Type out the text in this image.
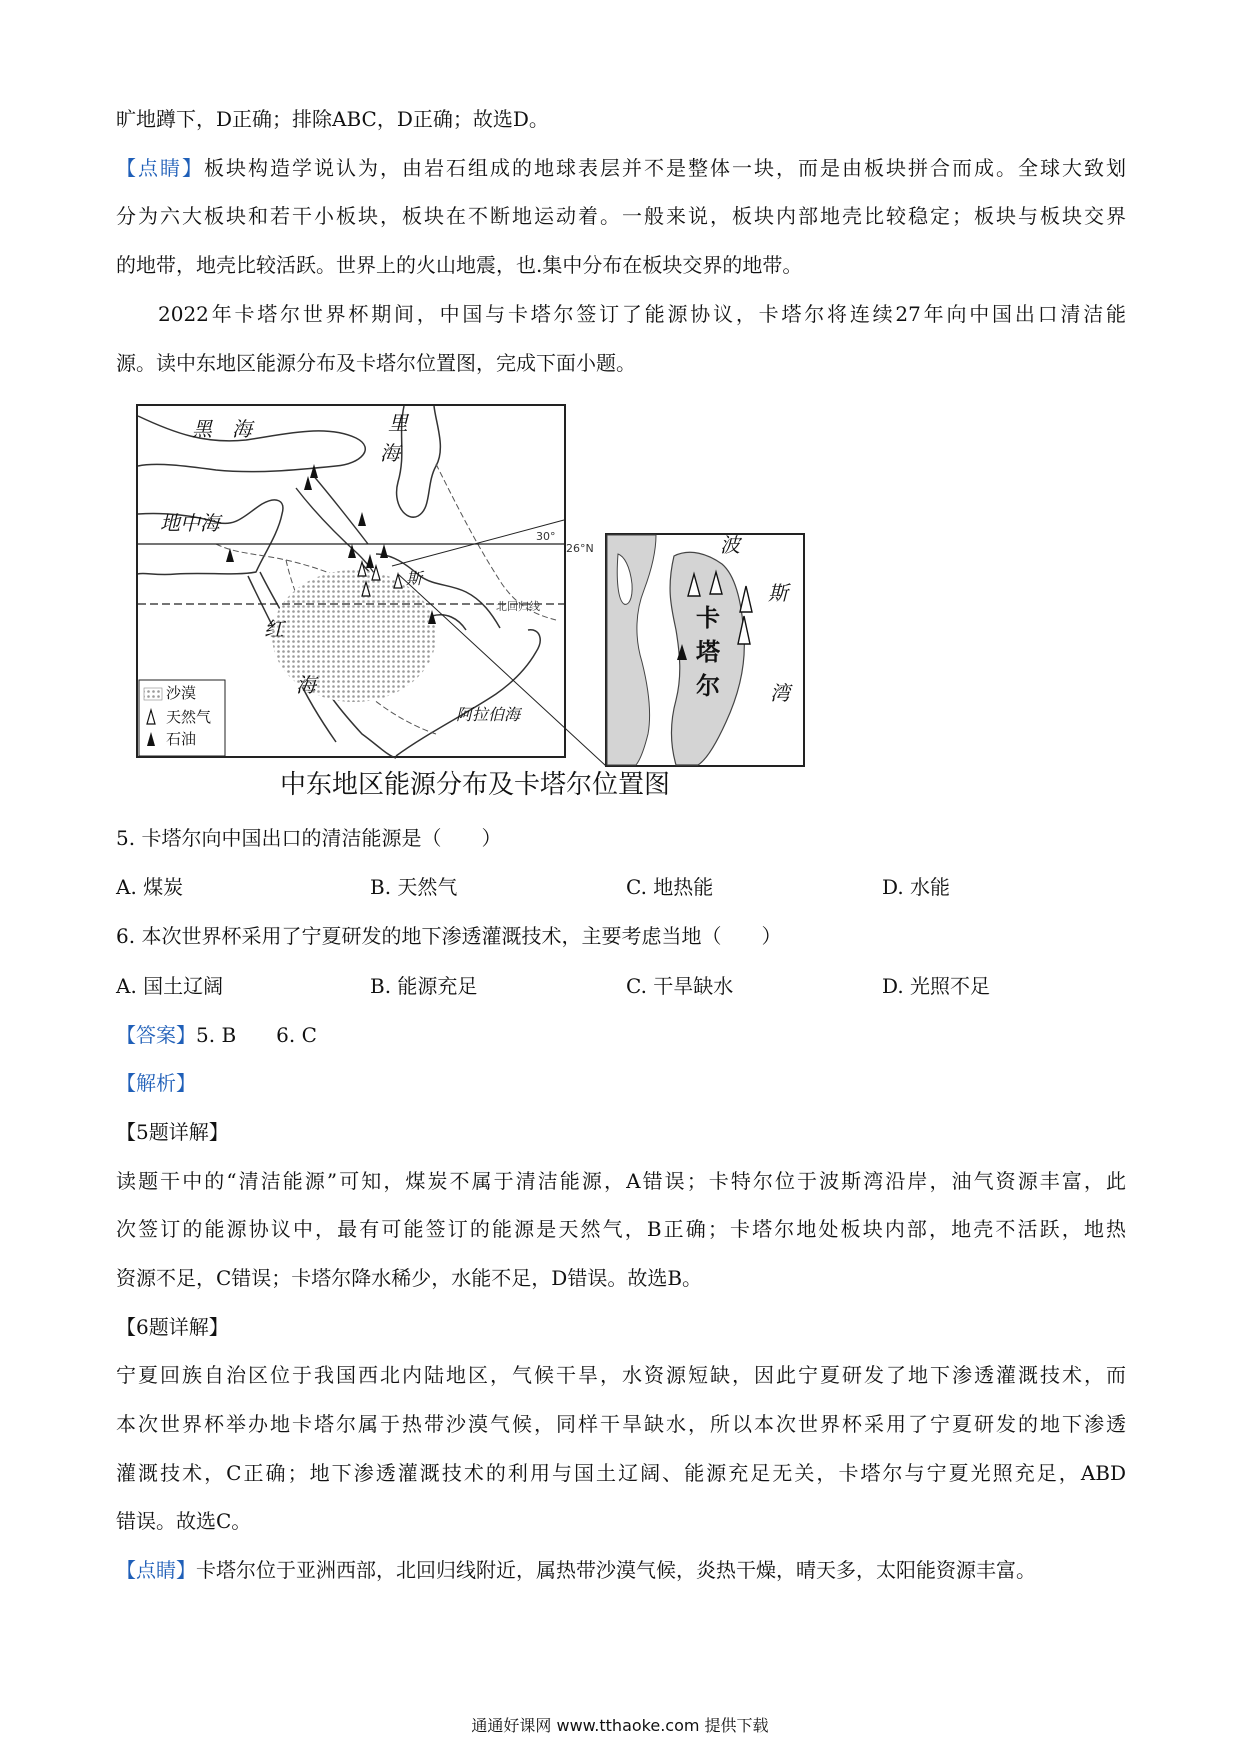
旷地蹲下，D正确；排除ABC，D正确；故选D。
【点睛】板块构造学说认为，由岩石组成的地球表层并不是整体一块，而是由板块拼合而成。全球大致划
分为六大板块和若干小板块，板块在不断地运动着。一般来说，板块内部地壳比较稳定；板块与板块交界
的地带，地壳比较活跃。世界上的火山地震，也.集中分布在板块交界的地带。
2022年卡塔尔世界杯期间，中国与卡塔尔签订了能源协议，卡塔尔将连续27年向中国出口清洁能
源。读中东地区能源分布及卡塔尔位置图，完成下面小题。
黑　海	里
海
地中海
红
海
斯
阿拉伯海
北回归线
30°
26°N
沙漠
天然气
石油
波
斯
湾
卡
塔
尔
中东地区能源分布及卡塔尔位置图
5. 卡塔尔向中国出口的清洁能源是（　　）
A. 煤炭	B. 天然气	C. 地热能	D. 水能
6. 本次世界杯采用了宁夏研发的地下渗透灌溉技术，主要考虑当地（　　）
A. 国土辽阔	B. 能源充足	C. 干旱缺水	D. 光照不足
【答案】5. B　　6. C
【解析】
【5题详解】
读题干中的“清洁能源”可知，煤炭不属于清洁能源，A错误；卡特尔位于波斯湾沿岸，油气资源丰富，此
次签订的能源协议中，最有可能签订的能源是天然气，B正确；卡塔尔地处板块内部，地壳不活跃，地热
资源不足，C错误；卡塔尔降水稀少，水能不足，D错误。故选B。
【6题详解】
宁夏回族自治区位于我国西北内陆地区，气候干旱，水资源短缺，因此宁夏研发了地下渗透灌溉技术，而
本次世界杯举办地卡塔尔属于热带沙漠气候，同样干旱缺水，所以本次世界杯采用了宁夏研发的地下渗透
灌溉技术，C正确；地下渗透灌溉技术的利用与国土辽阔、能源充足无关，卡塔尔与宁夏光照充足，ABD
错误。故选C。
【点睛】卡塔尔位于亚洲西部，北回归线附近，属热带沙漠气候，炎热干燥，晴天多，太阳能资源丰富。
通通好课网 www.tthaoke.com 提供下载
